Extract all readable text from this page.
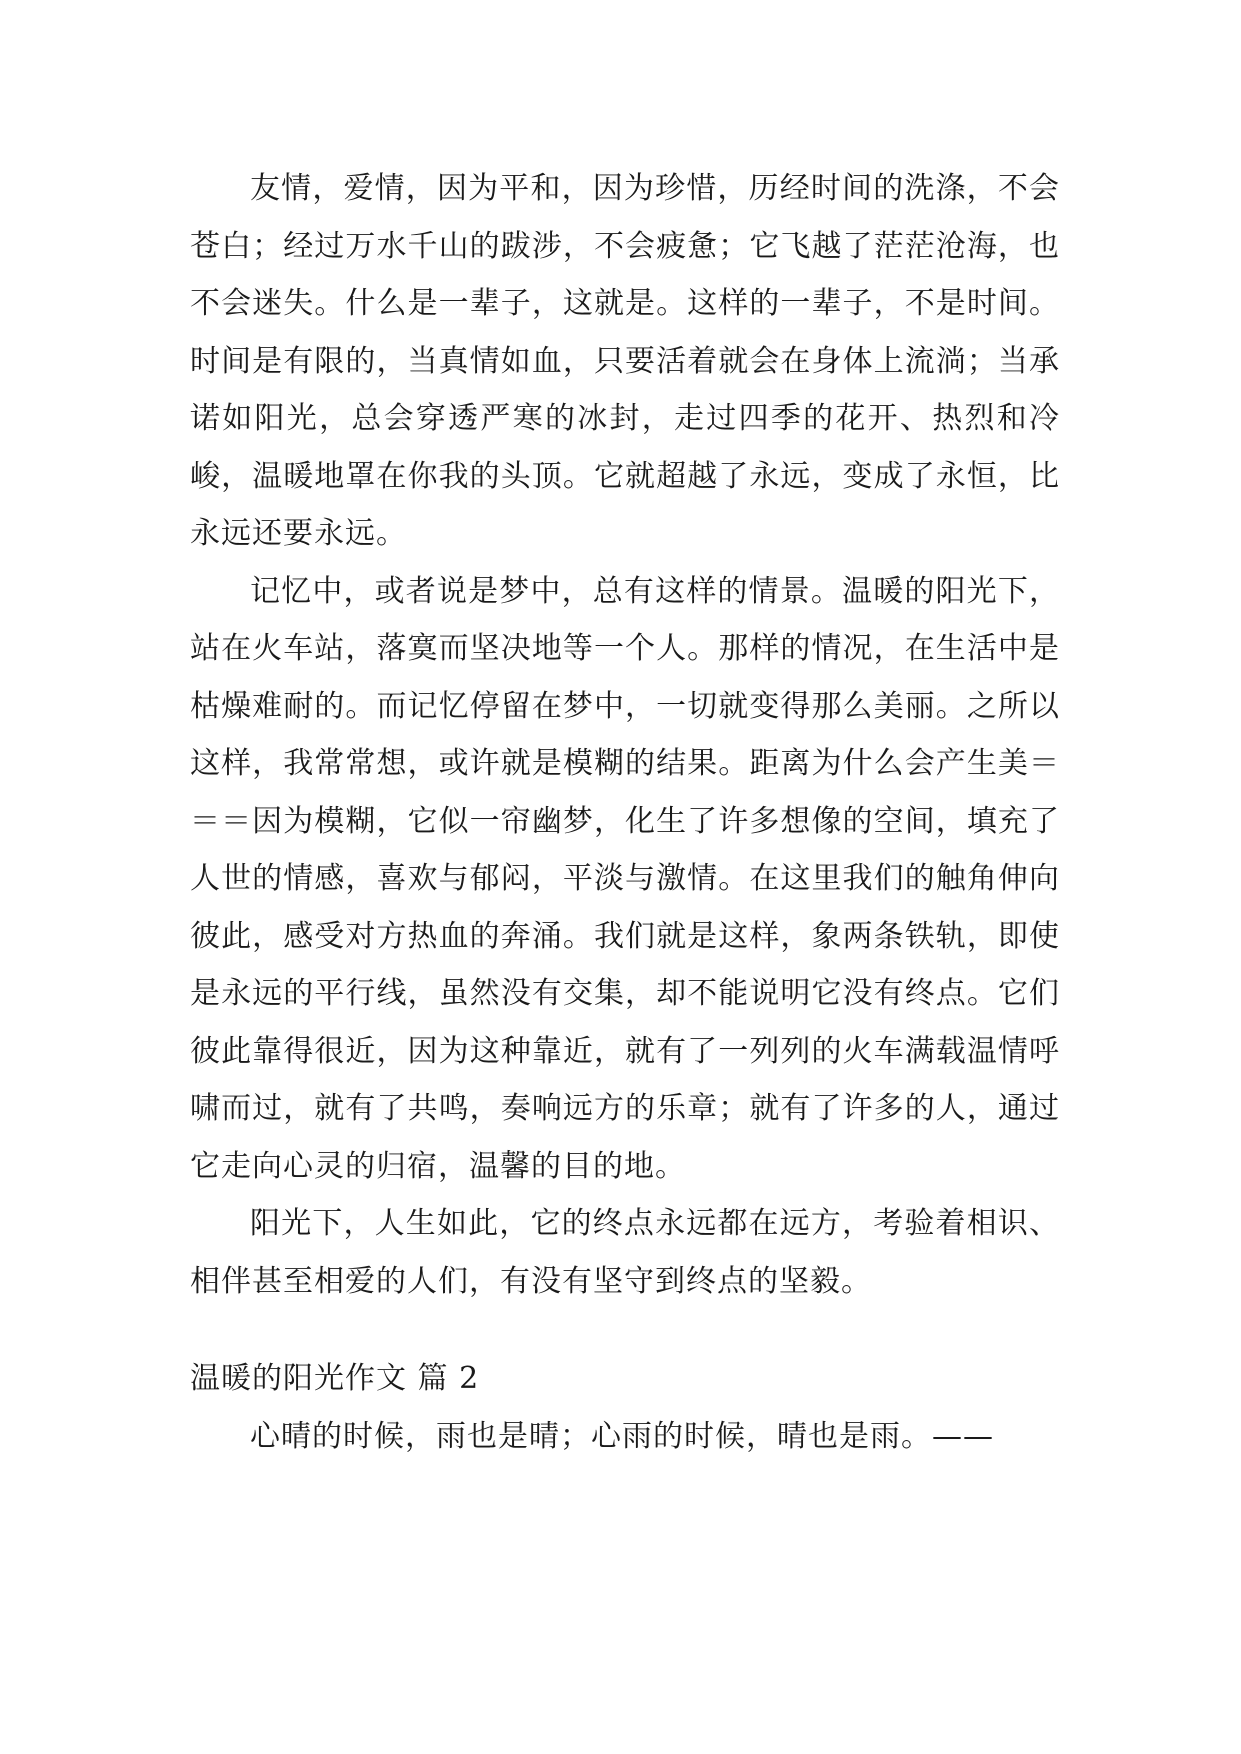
友情，爱情，因为平和，因为珍惜，历经时间的洗涤，不会苍白；经过万水千山的跋涉，不会疲惫；它飞越了茫茫沧海，也不会迷失。什么是一辈子，这就是。这样的一辈子，不是时间。时间是有限的，当真情如血，只要活着就会在身体上流淌；当承诺如阳光，总会穿透严寒的冰封，走过四季的花开、热烈和冷峻，温暖地罩在你我的头顶。它就超越了永远，变成了永恒，比永远还要永远。

记忆中，或者说是梦中，总有这样的情景。温暖的阳光下，站在火车站，落寞而坚决地等一个人。那样的情况，在生活中是枯燥难耐的。而记忆停留在梦中，一切就变得那么美丽。之所以这样，我常常想，或许就是模糊的结果。距离为什么会产生美＝＝＝因为模糊，它似一帘幽梦，化生了许多想像的空间，填充了人世的情感，喜欢与郁闷，平淡与激情。在这里我们的触角伸向彼此，感受对方热血的奔涌。我们就是这样，象两条铁轨，即使是永远的平行线，虽然没有交集，却不能说明它没有终点。它们彼此靠得很近，因为这种靠近，就有了一列列的火车满载温情呼啸而过，就有了共鸣，奏响远方的乐章；就有了许多的人，通过它走向心灵的归宿，温馨的目的地。

阳光下，人生如此，它的终点永远都在远方，考验着相识、相伴甚至相爱的人们，有没有坚守到终点的坚毅。

温暖的阳光作文 篇 2

心晴的时候，雨也是晴；心雨的时候，晴也是雨。——
